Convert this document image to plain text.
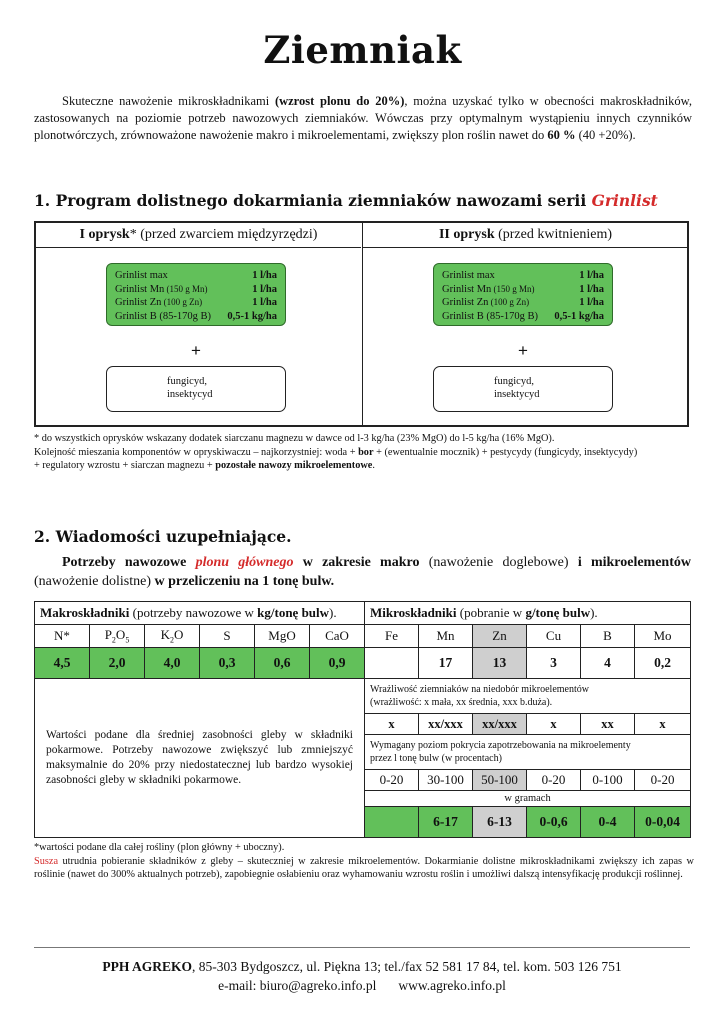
Ziemniak
Skuteczne nawożenie mikroskładnikami (wzrost plonu do 20%), można uzyskać tylko w obecności makroskładników, zastosowanych na poziomie potrzeb nawozowych ziemniaków. Wówczas przy optymalnym wystąpieniu innych czynników plonotwórczych, zrównoważone nawożenie makro i mikroelementami, zwiększy plon roślin nawet do 60 % (40 +20%).
1. Program dolistnego dokarmiania ziemniaków nawozami serii Grinlist
I oprysk* (przed zwarciem międzyrzędzi)
Grinlist max	1 l/ha
Grinlist Mn (150 g Mn)	1 l/ha
Grinlist Zn (100 g Zn)	1 l/ha
Grinlist B (85-170g B) 0,5-1 kg/ha
+
fungicyd,
insektycyd
II oprysk (przed kwitnieniem)
Grinlist max	1 l/ha
Grinlist Mn (150 g Mn)	1 l/ha
Grinlist Zn (100 g Zn)	1 l/ha
Grinlist B (85-170g B) 0,5-1 kg/ha
+
fungicyd,
insektycyd
* do wszystkich oprysków wskazany dodatek siarczanu magnezu w dawce od l-3 kg/ha (23% MgO) do l-5 kg/ha (16% MgO).
Kolejność mieszania komponentów w opryskiwaczu – najkorzystniej: woda + bor + (ewentualnie mocznik) + pestycydy (fungicydy, insektycydy)
+ regulatory wzrostu + siarczan magnezu + pozostałe nawozy mikroelementowe.
2. Wiadomości uzupełniające.
Potrzeby nawozowe plonu głównego w zakresie makro (nawożenie doglebowe) i mikroelementów (nawożenie dolistne) w przeliczeniu na 1 tonę bulw.
Makroskładniki (potrzeby nawozowe w kg/tonę bulw).						Mikroskładniki (pobranie w g/tonę bulw).					
N*	$P_2O_5$	$K_2O$	S	MgO	CaO	Fe	Mn	Zn	Cu	B	Mo
4,5	2,0	4,0	0,3	0,6	0,9		17	13	3	4	0,2
Wartości podane dla średniej zasobności gleby w składniki pokarmowe. Potrzeby nawozowe zwiększyć lub zmniejszyć maksymalnie do 20% przy niedostatecznej lub bardzo wysokiej zasobności gleby w składniki pokarmowe.						Wrażliwość ziemniaków na niedobór mikroelementów
(wrażliwość: x mała, xx średnia, xxx b.duża).					

						x	xx/xxx	xx/xxx	x	xx	x

						Wymagany poziom pokrycia zapotrzebowania na mikroelementy
przez l tonę bulw (w procentach)					

						0-20	30-100	50-100	0-20	0-100	0-20
						w gramach					
							6-17	6-13	0-0,6	0-4	0-0,04
*wartości podane dla całej rośliny (plon główny + uboczny).
Susza utrudnia pobieranie składników z gleby – skuteczniej w zakresie mikroelementów. Dokarmianie dolistne mikroskładnikami zwiększy ich zapas w roślinie (nawet do 300% aktualnych potrzeb), zapobiegnie osłabieniu oraz wyhamowaniu wzrostu roślin i umożliwi dalszą intensyfikację produkcji roślinnej.
PPH AGREKO, 85-303 Bydgoszcz, ul. Piękna 13; tel./fax 52 581 17 84, tel. kom. 503 126 751
e-mail: biuro@agreko.info.pl www.agreko.info.pl
